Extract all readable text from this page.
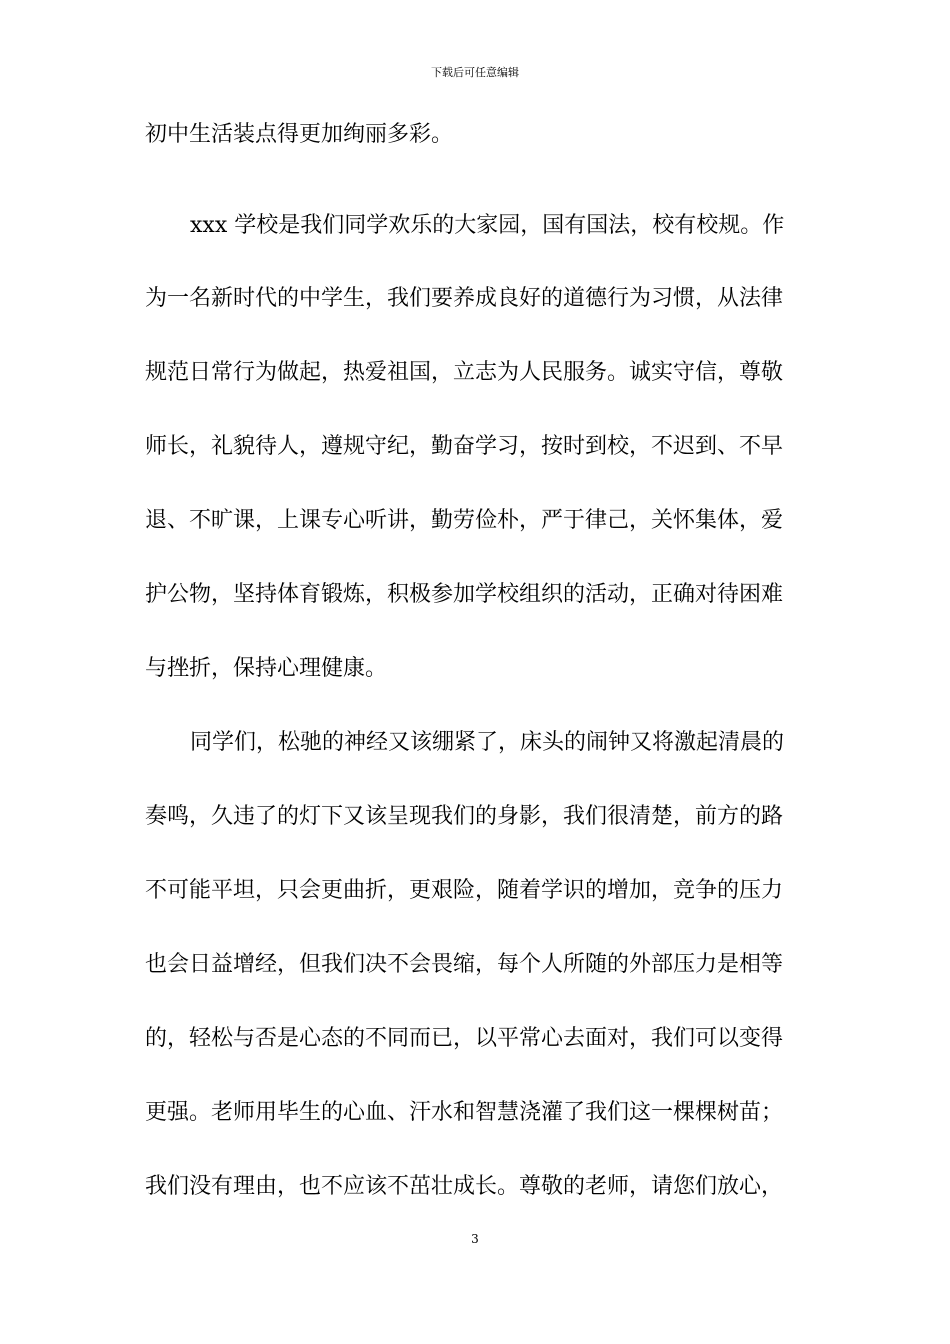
下载后可任意编辑
初中生活装点得更加绚丽多彩。
xxx 学校是我们同学欢乐的大家园，国有国法，校有校规。作
为一名新时代的中学生，我们要养成良好的道德行为习惯，从法律
规范日常行为做起，热爱祖国，立志为人民服务。诚实守信，尊敬
师长，礼貌待人，遵规守纪，勤奋学习，按时到校，不迟到、不早
退、不旷课，上课专心听讲，勤劳俭朴，严于律己，关怀集体，爱
护公物，坚持体育锻炼，积极参加学校组织的活动，正确对待困难
与挫折，保持心理健康。
同学们，松驰的神经又该绷紧了，床头的闹钟又将激起清晨的
奏鸣，久违了的灯下又该呈现我们的身影，我们很清楚，前方的路
不可能平坦，只会更曲折，更艰险，随着学识的增加，竞争的压力
也会日益增经，但我们决不会畏缩，每个人所随的外部压力是相等
的，轻松与否是心态的不同而已，以平常心去面对，我们可以变得
更强。老师用毕生的心血、汗水和智慧浇灌了我们这一棵棵树苗；
我们没有理由，也不应该不茁壮成长。尊敬的老师，请您们放心，
3
